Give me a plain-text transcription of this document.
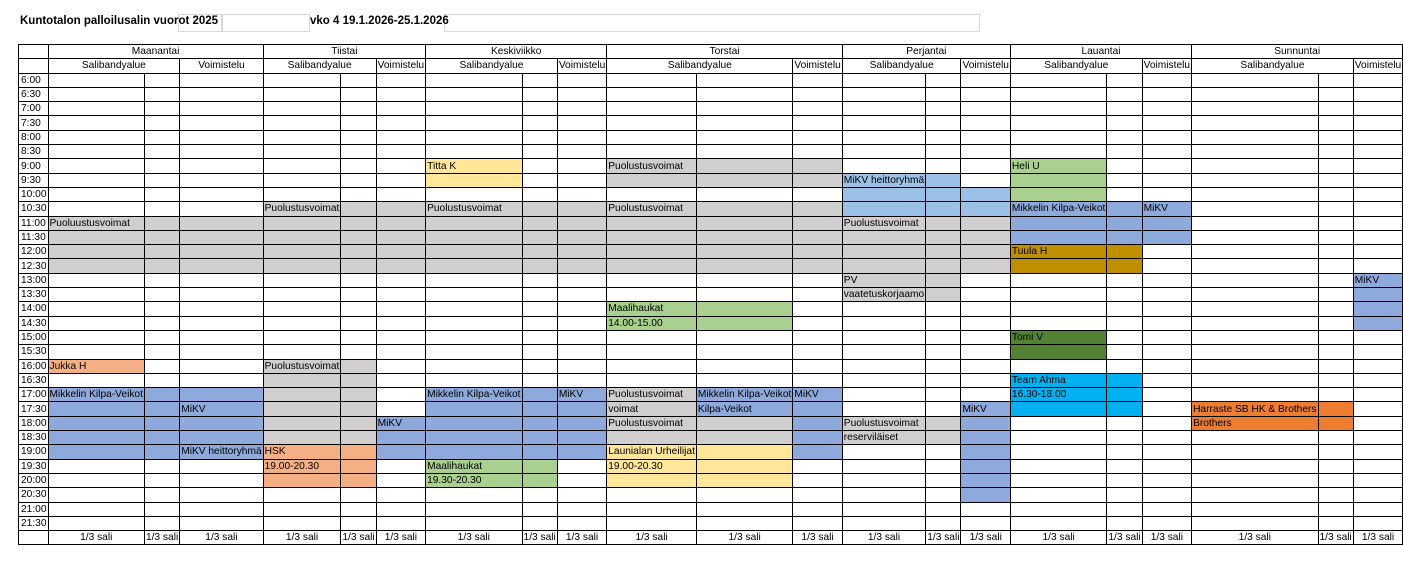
Kuntotalon palloilusalin vuorot 2025	vko 4 19.1.2026-25.1.2026
	Maanantai			Tiistai			Keskiviikko			Torstai			Perjantai			Lauantai			Sunnuntai		
	Salibandyalue		Voimistelu	Salibandyalue		Voimistelu	Salibandyalue		Voimistelu	Salibandyalue		Voimistelu	Salibandyalue		Voimistelu	Salibandyalue		Voimistelu	Salibandyalue		Voimistelu
6:00																					
6:30																					
7:00																					
7:30																					
8:00																					
8:30																					
9:00							Titta K			Puolustusvoimat						Heli U					
9:30													MiKV heittoryhmä								
10:00																					
10:30				Puolustusvoimat			Puolustusvoimat			Puolustusvoimat						Mikkelin Kilpa-Veikot		MiKV			
11:00	Puoluustusvoimat												Puolustusvoimat								
11:30																					
12:00																Tuula H					
12:30																					
13:00													PV								MiKV
13:30													vaatetuskorjaamo								
14:00										Maalihaukat											
14:30										14.00-15.00											
15:00																Tomi V					
15:30																					
16:00	Jukka H			Puolustusvoimat																	
16:30																Team Ahma					
17:00	Mikkelin Kilpa-Veikot						Mikkelin Kilpa-Veikot		MiKV	Puolustusvoimat	Mikkelin Kilpa-Veikot	MiKV				16.30-18.00					
17:30			MiKV							voimat	Kilpa-Veikot				MiKV				Harraste SB HK & Brothers		
18:00						MiKV				Puolustusvoimat			Puolustusvoimat						Brothers		
18:30													reserviläiset								
19:00			MiKV heittoryhmä	HSK						Launialan Urheilijat											
19:30				19.00-20.30			Maalihaukat			19.00-20.30											
20:00							19.30-20.30														
20:30																					
21:00																					
21:30																					
	1/3 sali	1/3 sali	1/3 sali	1/3 sali	1/3 sali	1/3 sali	1/3 sali	1/3 sali	1/3 sali	1/3 sali	1/3 sali	1/3 sali	1/3 sali	1/3 sali	1/3 sali	1/3 sali	1/3 sali	1/3 sali	1/3 sali	1/3 sali	1/3 sali
